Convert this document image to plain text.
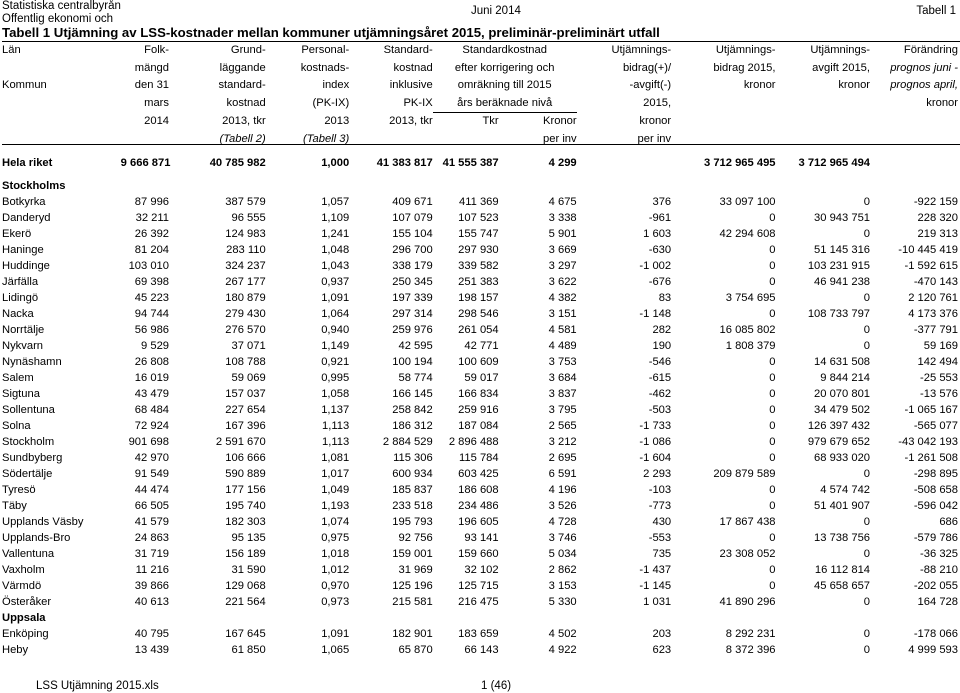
Statistiska centralbyrån
Offentlig ekonomi och
Juni 2014	Tabell 1
Tabell 1 Utjämning av LSS-kostnader mellan kommuner utjämningsåret 2015, preliminär-preliminärt utfall
Län	Folk-	Grund-	Personal-	Standard-	Standardkostnad		Utjämnings-	Utjämnings-	Utjämnings-	Förändring
	mängd	läggande	kostnads-	kostnad	efter korrigering och		bidrag(+)/	bidrag 2015,	avgift 2015,	prognos juni -
Kommun	den 31	standard-	index	inklusive	omräkning till 2015		-avgift(-)	kronor	kronor	prognos april,
	mars	kostnad	(PK-IX)	PK-IX	års beräknade nivå		2015,			kronor
	2014	2013, tkr	2013	2013, tkr	Tkr	Kronor	kronor			
		(Tabell 2)	(Tabell 3)			per inv	per inv			

Hela riket	9 666 871	40 785 982	1,000	41 383 817	41 555 387	4 299		3 712 965 495	3 712 965 494	

Stockholms										
Botkyrka	87 996	387 579	1,057	409 671	411 369	4 675	376	33 097 100	0	-922 159
Danderyd	32 211	96 555	1,109	107 079	107 523	3 338	-961	0	30 943 751	228 320
Ekerö	26 392	124 983	1,241	155 104	155 747	5 901	1 603	42 294 608	0	219 313
Haninge	81 204	283 110	1,048	296 700	297 930	3 669	-630	0	51 145 316	-10 445 419
Huddinge	103 010	324 237	1,043	338 179	339 582	3 297	-1 002	0	103 231 915	-1 592 615
Järfälla	69 398	267 177	0,937	250 345	251 383	3 622	-676	0	46 941 238	-470 143
Lidingö	45 223	180 879	1,091	197 339	198 157	4 382	83	3 754 695	0	2 120 761
Nacka	94 744	279 430	1,064	297 314	298 546	3 151	-1 148	0	108 733 797	4 173 376
Norrtälje	56 986	276 570	0,940	259 976	261 054	4 581	282	16 085 802	0	-377 791
Nykvarn	9 529	37 071	1,149	42 595	42 771	4 489	190	1 808 379	0	59 169
Nynäshamn	26 808	108 788	0,921	100 194	100 609	3 753	-546	0	14 631 508	142 494
Salem	16 019	59 069	0,995	58 774	59 017	3 684	-615	0	9 844 214	-25 553
Sigtuna	43 479	157 037	1,058	166 145	166 834	3 837	-462	0	20 070 801	-13 576
Sollentuna	68 484	227 654	1,137	258 842	259 916	3 795	-503	0	34 479 502	-1 065 167
Solna	72 924	167 396	1,113	186 312	187 084	2 565	-1 733	0	126 397 432	-565 077
Stockholm	901 698	2 591 670	1,113	2 884 529	2 896 488	3 212	-1 086	0	979 679 652	-43 042 193
Sundbyberg	42 970	106 666	1,081	115 306	115 784	2 695	-1 604	0	68 933 020	-1 261 508
Södertälje	91 549	590 889	1,017	600 934	603 425	6 591	2 293	209 879 589	0	-298 895
Tyresö	44 474	177 156	1,049	185 837	186 608	4 196	-103	0	4 574 742	-508 658
Täby	66 505	195 740	1,193	233 518	234 486	3 526	-773	0	51 401 907	-596 042
Upplands Väsby	41 579	182 303	1,074	195 793	196 605	4 728	430	17 867 438	0	686
Upplands-Bro	24 863	95 135	0,975	92 756	93 141	3 746	-553	0	13 738 756	-579 786
Vallentuna	31 719	156 189	1,018	159 001	159 660	5 034	735	23 308 052	0	-36 325
Vaxholm	11 216	31 590	1,012	31 969	32 102	2 862	-1 437	0	16 112 814	-88 210
Värmdö	39 866	129 068	0,970	125 196	125 715	3 153	-1 145	0	45 658 657	-202 055
Österåker	40 613	221 564	0,973	215 581	216 475	5 330	1 031	41 890 296	0	164 728
Uppsala										
Enköping	40 795	167 645	1,091	182 901	183 659	4 502	203	8 292 231	0	-178 066
Heby	13 439	61 850	1,065	65 870	66 143	4 922	623	8 372 396	0	4 999 593
LSS Utjämning 2015.xls	1 (46)
